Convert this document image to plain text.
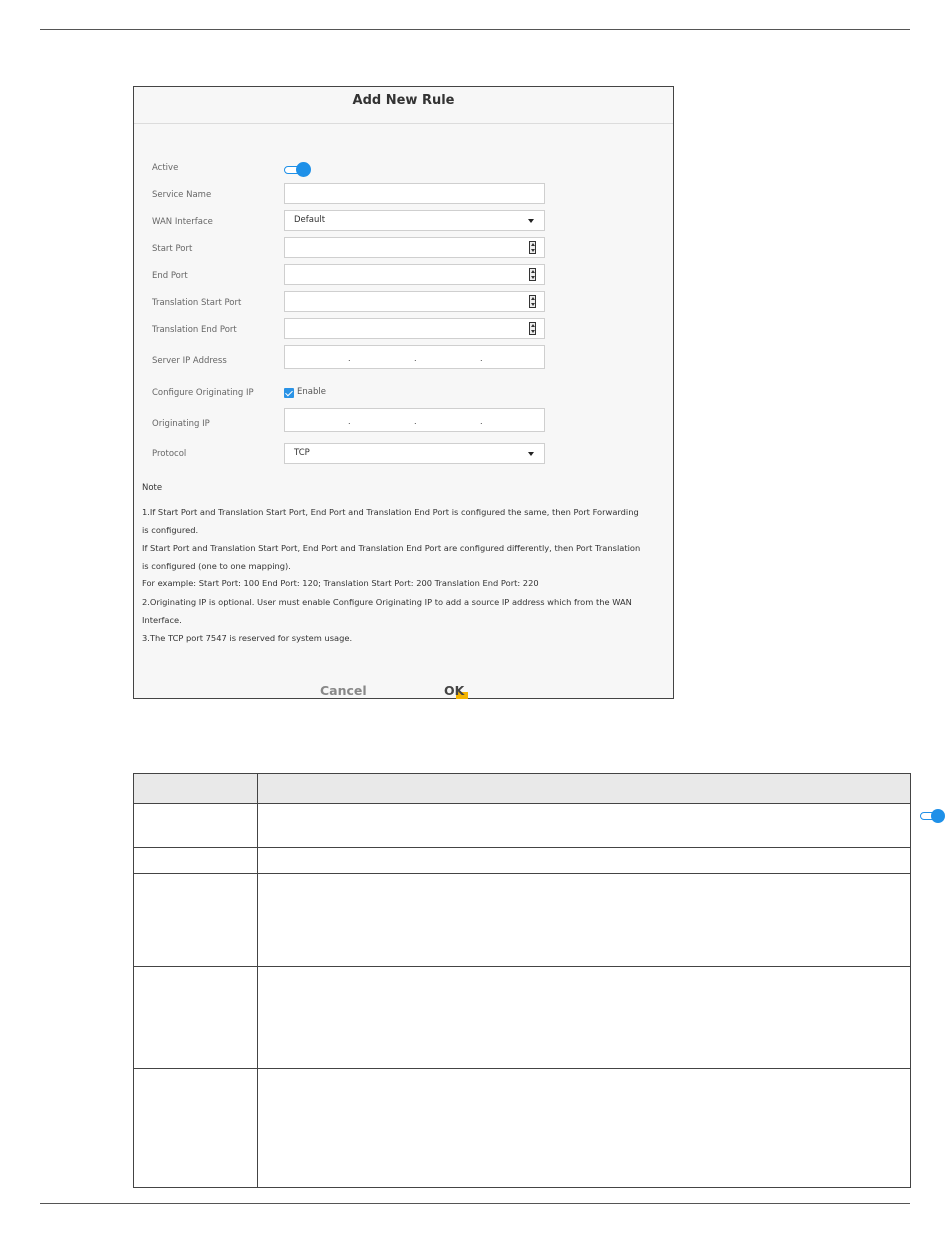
Add New Rule
Active
Service Name
WAN Interface	Default
Start Port
End Port
Translation Start Port
Translation End Port
Server IP Address	.	.	.
Configure Originating IP	Enable
Originating IP	.	.	.
Protocol	TCP
Note
1.If Start Port and Translation Start Port, End Port and Translation End Port is configured the same, then Port Forwarding
is configured.
If Start Port and Translation Start Port, End Port and Translation End Port are configured differently, then Port Translation
is configured (one to one mapping).
For example: Start Port: 100 End Port: 120; Translation Start Port: 200 Translation End Port: 220
2.Originating IP is optional. User must enable Configure Originating IP to add a source IP address which from the WAN
Interface.
3.The TCP port 7547 is reserved for system usage.
Cancel	OK
